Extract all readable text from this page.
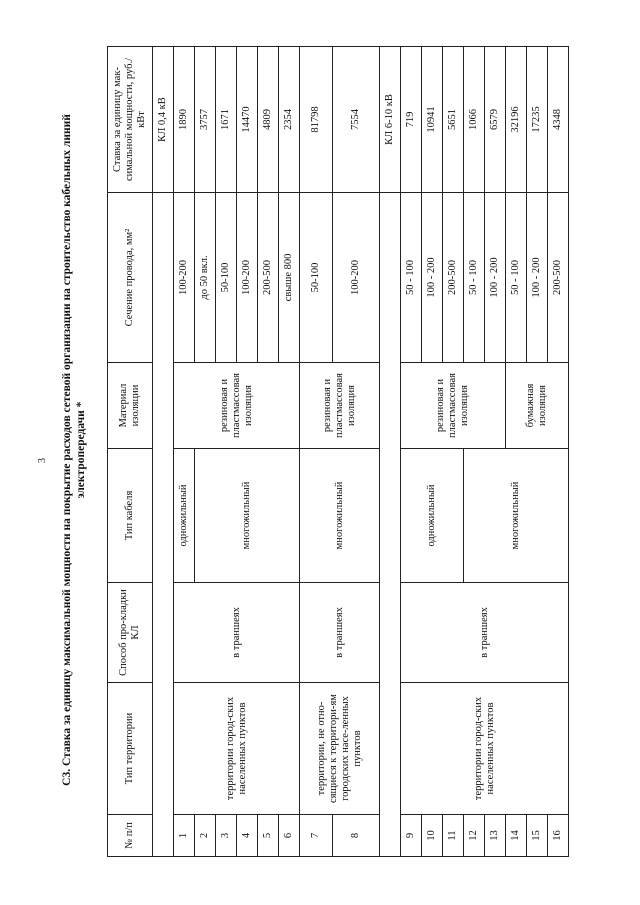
3 С3. Ставка за единицу максимальной мощности на покрытие расходов сетевой организации на строительство кабельных линий электропередачи *
№ п/п	Тип территории	Способ про-кладки КЛ	Тип кабеля	Материал изоляции	Сечение провода, мм²	Ставка за единицу мак-симальной мощности, руб./кВт
						КЛ 0,4 кВ
1	территории город-ских населенных пунктов	в траншеях	одножильный	резиновая и пластмассовая изоляция	100-200	1890
2			многожильный		до 50 вкл.	3757
3					50-100	1671
4					100-200	14470
5					200-500	4809
6					свыше 800	2354
7	территории, не отно-сящиеся к территори-ям городских насе-ленных пунктов	в траншеях	многожильный	резиновая и пластмассовая изоляция	50-100	81798
8					100-200	7554
						КЛ 6-10 кВ
9	территории город-ских населенных пунктов	в траншеях	одножильный	резиновая и пластмассовая изоляция	50 - 100	719
10					100 - 200	10941
11					200-500	5651
12			многожильный		50 - 100	1066
13					100 - 200	6579
14				бумажная изоляция	50 - 100	32196
15					100 - 200	17235
16					200-500	4348
